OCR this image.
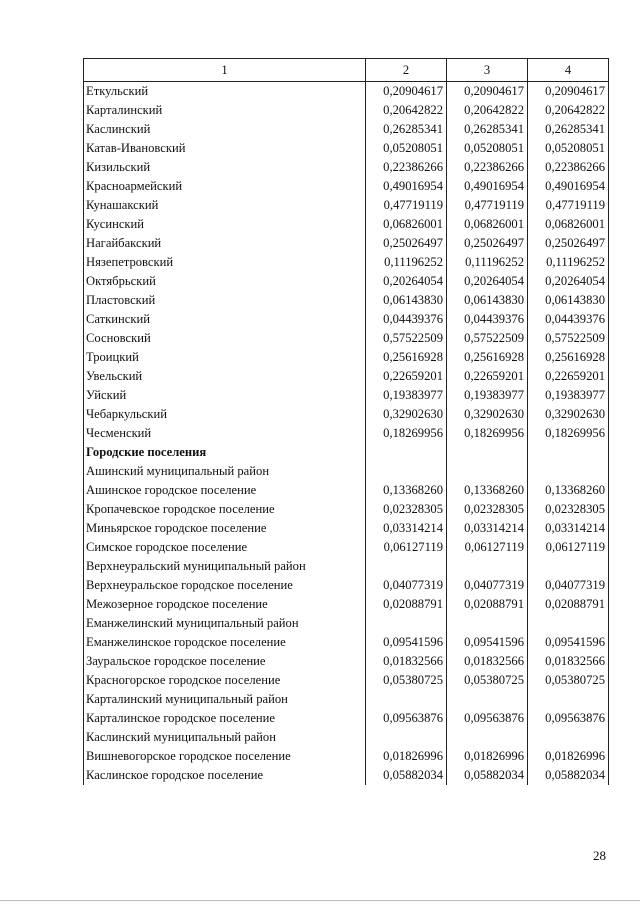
1	2	3	4
Еткульский	0,20904617	0,20904617	0,20904617
Карталинский	0,20642822	0,20642822	0,20642822
Каслинский	0,26285341	0,26285341	0,26285341
Катав-Ивановский	0,05208051	0,05208051	0,05208051
Кизильский	0,22386266	0,22386266	0,22386266
Красноармейский	0,49016954	0,49016954	0,49016954
Кунашакский	0,47719119	0,47719119	0,47719119
Кусинский	0,06826001	0,06826001	0,06826001
Нагайбакский	0,25026497	0,25026497	0,25026497
Нязепетровский	0,11196252	0,11196252	0,11196252
Октябрьский	0,20264054	0,20264054	0,20264054
Пластовский	0,06143830	0,06143830	0,06143830
Саткинский	0,04439376	0,04439376	0,04439376
Сосновский	0,57522509	0,57522509	0,57522509
Троицкий	0,25616928	0,25616928	0,25616928
Увельский	0,22659201	0,22659201	0,22659201
Уйский	0,19383977	0,19383977	0,19383977
Чебаркульский	0,32902630	0,32902630	0,32902630
Чесменский	0,18269956	0,18269956	0,18269956
Городские поселения			
Ашинский муниципальный район			
Ашинское городское поселение	0,13368260	0,13368260	0,13368260
Кропачевское городское поселение	0,02328305	0,02328305	0,02328305
Миньярское городское поселение	0,03314214	0,03314214	0,03314214
Симское городское поселение	0,06127119	0,06127119	0,06127119
Верхнеуральский муниципальный район			
Верхнеуральское городское поселение	0,04077319	0,04077319	0,04077319
Межозерное городское поселение	0,02088791	0,02088791	0,02088791
Еманжелинский муниципальный район			
Еманжелинское городское поселение	0,09541596	0,09541596	0,09541596
Зауральское городское поселение	0,01832566	0,01832566	0,01832566
Красногорское городское поселение	0,05380725	0,05380725	0,05380725
Карталинский муниципальный район			
Карталинское городское поселение	0,09563876	0,09563876	0,09563876
Каслинский муниципальный район			
Вишневогорское городское поселение	0,01826996	0,01826996	0,01826996
Каслинское городское поселение	0,05882034	0,05882034	0,05882034
28
